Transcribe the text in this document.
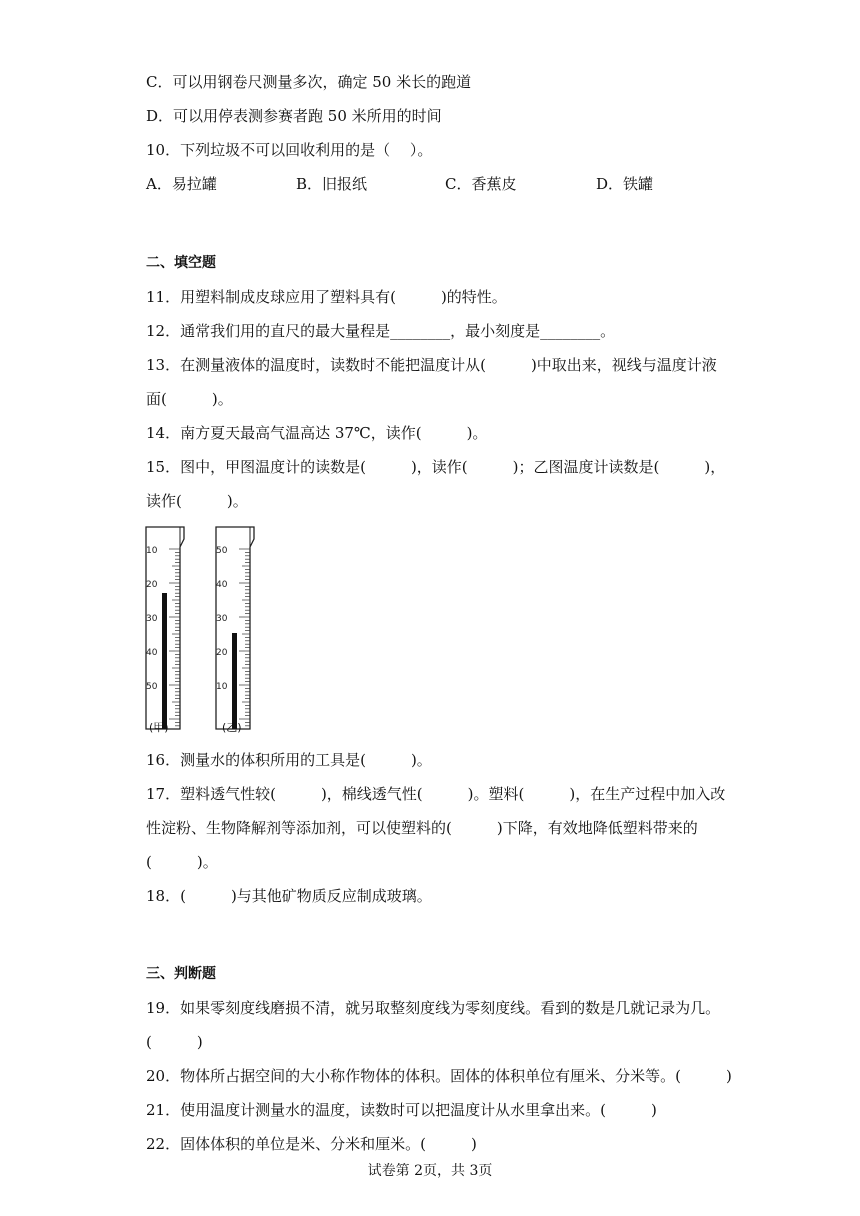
C．可以用钢卷尺测量多次，确定 50 米长的跑道
D．可以用停表测参赛者跑 50 米所用的时间
10．下列垃圾不可以回收利用的是（　 ）。
A．易拉罐	B．旧报纸	C．香蕉皮	D．铁罐
二、填空题
11．用塑料制成皮球应用了塑料具有(　　　)的特性。
12．通常我们用的直尺的最大量程是________，最小刻度是________。
13．在测量液体的温度时，读数时不能把温度计从(　　　)中取出来，视线与温度计液
面(　　　)。
14．南方夏天最高气温高达 37℃，读作(　　　)。
15．图中，甲图温度计的读数是(　　　)，读作(　　　)；乙图温度计读数是(　　　)，
读作(　　　)。
10
20
30
40
50
(甲)
50
40
30
20
10
(乙)
16．测量水的体积所用的工具是(　　　)。
17．塑料透气性较(　　　)，棉线透气性(　　　)。塑料(　　　)，在生产过程中加入改
性淀粉、生物降解剂等添加剂，可以使塑料的(　　　)下降，有效地降低塑料带来的
(　　　)。
18．(　　　)与其他矿物质反应制成玻璃。
三、判断题
19．如果零刻度线磨损不清，就另取整刻度线为零刻度线。看到的数是几就记录为几。
(　　　)
20．物体所占据空间的大小称作物体的体积。固体的体积单位有厘米、分米等。(　　　)
21．使用温度计测量水的温度，读数时可以把温度计从水里拿出来。(　　　)
22．固体体积的单位是米、分米和厘米。(　　　)
试卷第 2页，共 3页
